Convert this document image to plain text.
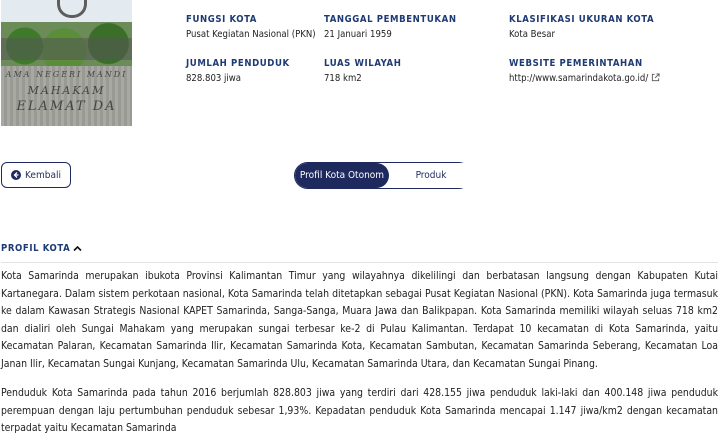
AMA NEGERI MANDI
MAHAKAM
ELAMAT DA
FUNGSI KOTA
Pusat Kegiatan Nasional (PKN)
TANGGAL PEMBENTUKAN
21 Januari 1959
KLASIFIKASI UKURAN KOTA
Kota Besar
JUMLAH PENDUDUK
828.803 jiwa
LUAS WILAYAH
718 km2
WEBSITE PEMERINTAHAN
http://www.samarindakota.go.id/
Kembali	Profil Kota Otonom	Produk
PROFIL KOTA

Kota Samarinda merupakan ibukota Provinsi Kalimantan Timur yang wilayahnya dikelilingi dan berbatasan langsung dengan Kabupaten Kutai Kartanegara. Dalam sistem perkotaan nasional, Kota Samarinda telah ditetapkan sebagai Pusat Kegiatan Nasional (PKN). Kota Samarinda juga termasuk ke dalam Kawasan Strategis Nasional KAPET Samarinda, Sanga-Sanga, Muara Jawa dan Balikpapan. Kota Samarinda memiliki wilayah seluas 718 km2 dan dialiri oleh Sungai Mahakam yang merupakan sungai terbesar ke-2 di Pulau Kalimantan. Terdapat 10 kecamatan di Kota Samarinda, yaitu Kecamatan Palaran, Kecamatan Samarinda Ilir, Kecamatan Samarinda Kota, Kecamatan Sambutan, Kecamatan Samarinda Seberang, Kecamatan Loa Janan Ilir, Kecamatan Sungai Kunjang, Kecamatan Samarinda Ulu, Kecamatan Samarinda Utara, dan Kecamatan Sungai Pinang.

Penduduk Kota Samarinda pada tahun 2016 berjumlah 828.803 jiwa yang terdiri dari 428.155 jiwa penduduk laki-laki dan 400.148 jiwa penduduk perempuan dengan laju pertumbuhan penduduk sebesar 1,93%. Kepadatan penduduk Kota Samarinda mencapai 1.147 jiwa/km2 dengan kecamatan terpadat yaitu Kecamatan Samarinda
